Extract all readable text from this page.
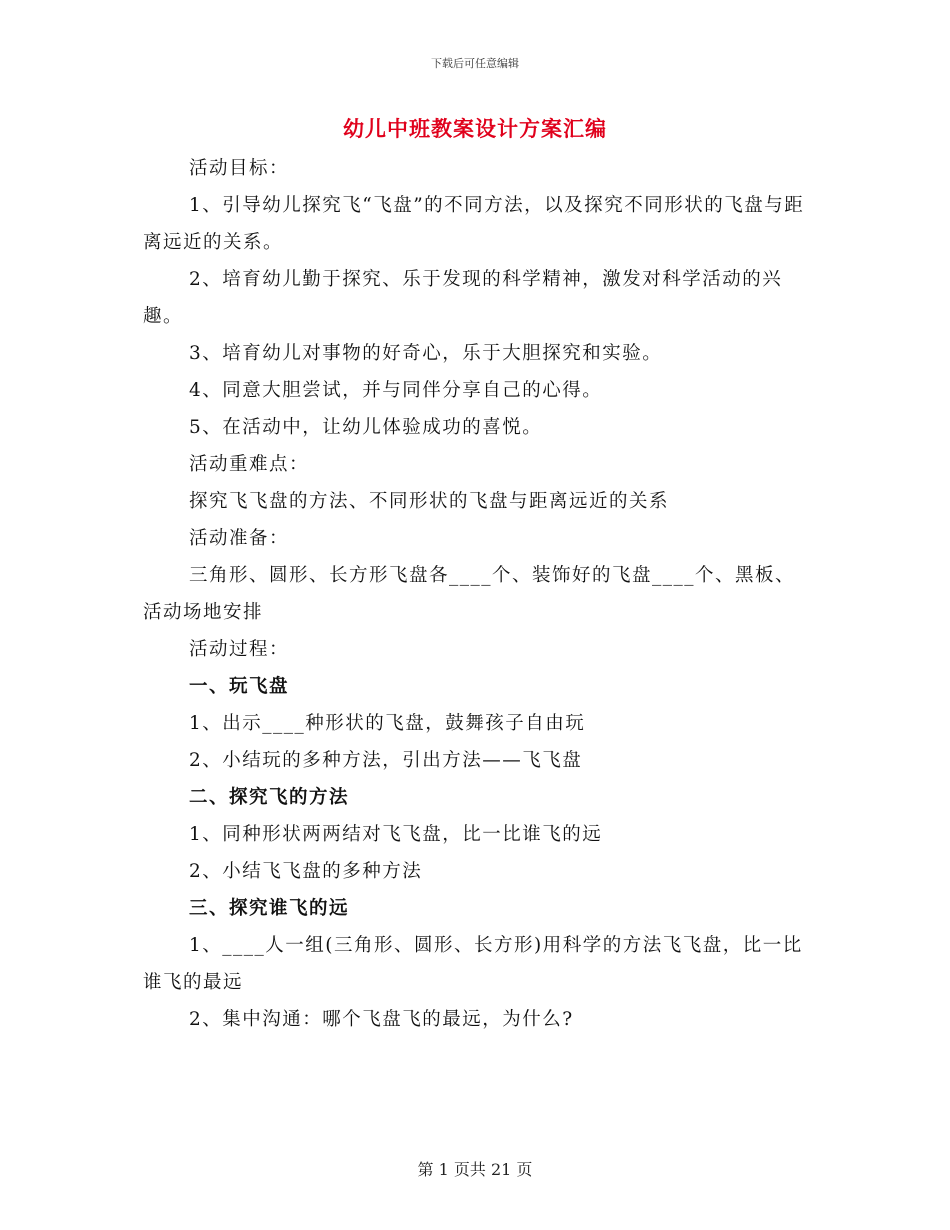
下载后可任意编辑
幼儿中班教案设计方案汇编

活动目标：

1、引导幼儿探究飞“飞盘”的不同方法，以及探究不同形状的飞盘与距离远近的关系。

2、培育幼儿勤于探究、乐于发现的科学精神，激发对科学活动的兴趣。

3、培育幼儿对事物的好奇心，乐于大胆探究和实验。

4、同意大胆尝试，并与同伴分享自己的心得。

5、在活动中，让幼儿体验成功的喜悦。

活动重难点：

探究飞飞盘的方法、不同形状的飞盘与距离远近的关系

活动准备：

三角形、圆形、长方形飞盘各____个、装饰好的飞盘____个、黑板、活动场地安排

活动过程：

一、玩飞盘

1、出示____种形状的飞盘，鼓舞孩子自由玩

2、小结玩的多种方法，引出方法——飞飞盘

二、探究飞的方法

1、同种形状两两结对飞飞盘，比一比谁飞的远

2、小结飞飞盘的多种方法

三、探究谁飞的远

1、____人一组(三角形、圆形、长方形)用科学的方法飞飞盘，比一比谁飞的最远

2、集中沟通：哪个飞盘飞的最远，为什么?

第 1 页共 21 页
